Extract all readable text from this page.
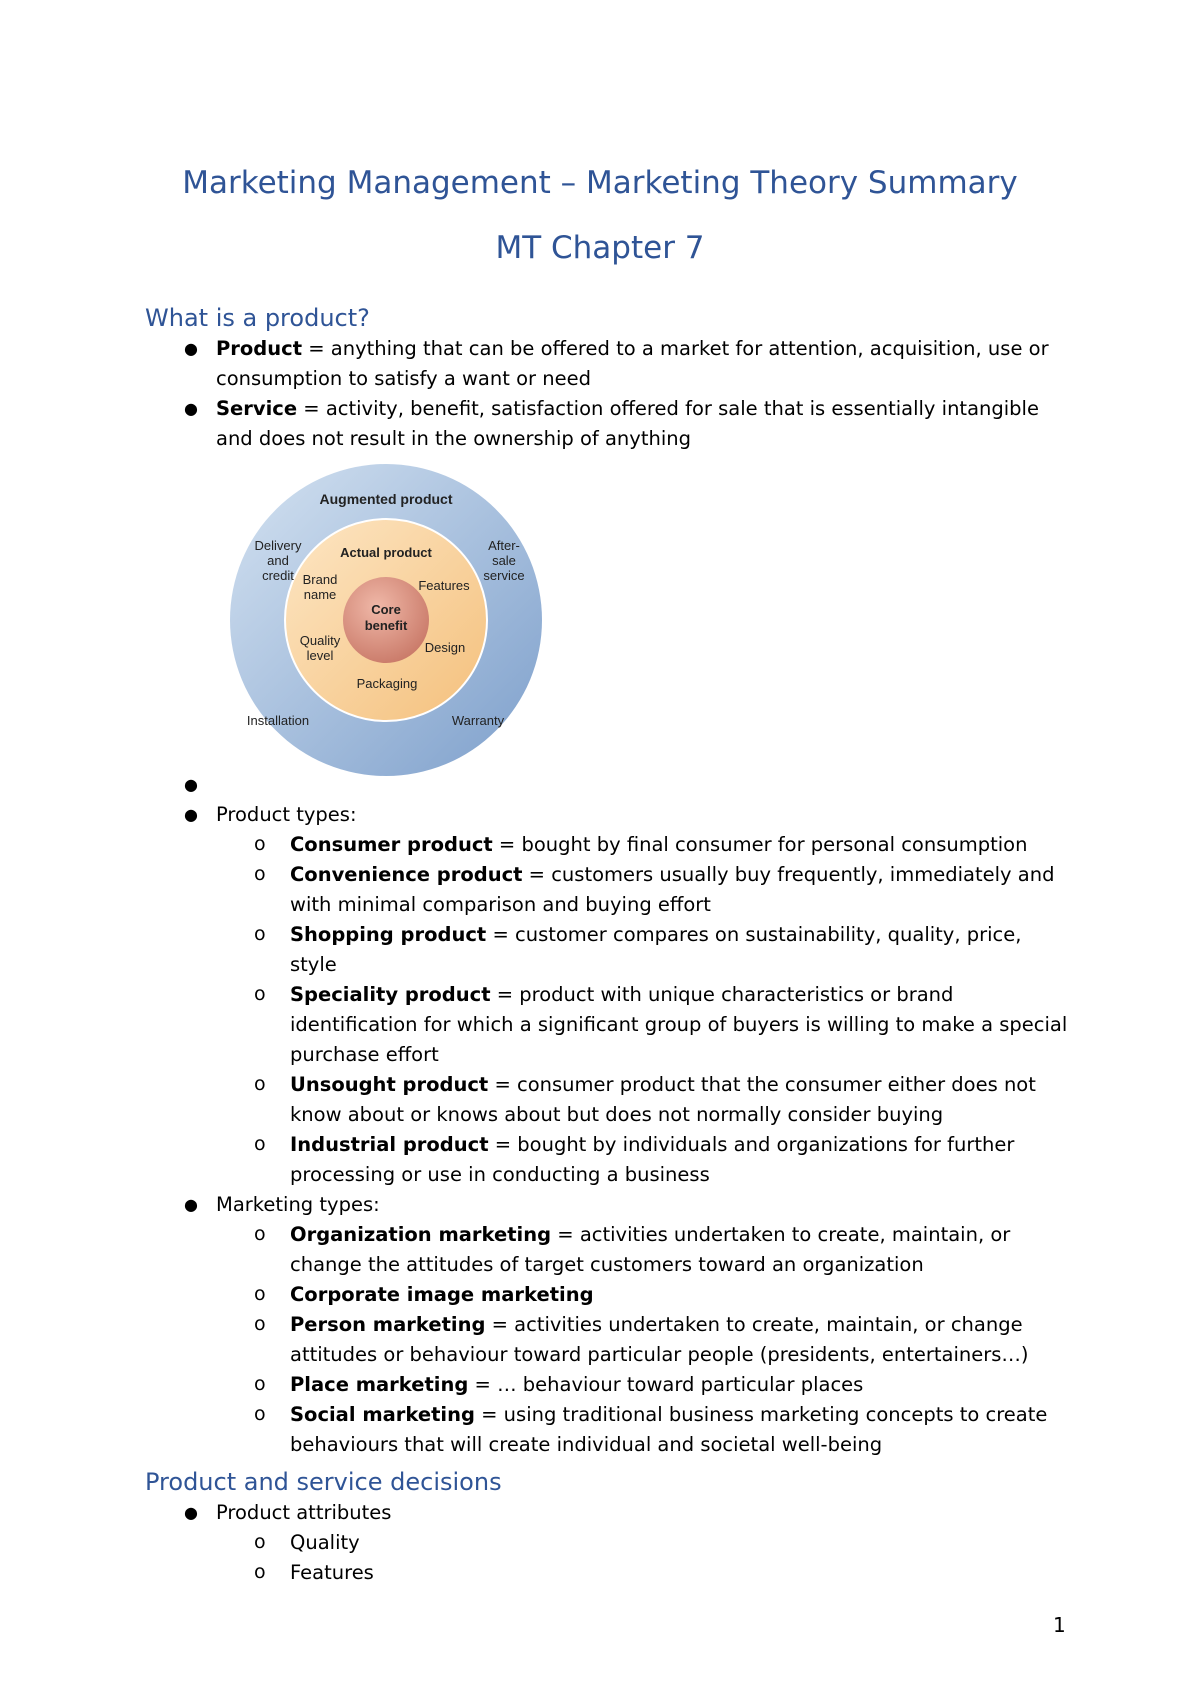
Marketing Management – Marketing Theory Summary
MT Chapter 7
What is a product?
● Product = anything that can be offered to a market for attention, acquisition, use or consumption to satisfy a want or need
● Service = activity, benefit, satisfaction offered for sale that is essentially intangible and does not result in the ownership of anything
Augmented product
Actual product
Core
benefit
Delivery
and
credit
After-
sale
service
Installation	Warranty
Brand
name
Features
Quality
level
Design
Packaging
●

● Product types:
o Consumer product = bought by final consumer for personal consumption
o Convenience product = customers usually buy frequently, immediately and with minimal comparison and buying effort
o Shopping product = customer compares on sustainability, quality, price, style
o Speciality product = product with unique characteristics or brand identification for which a significant group of buyers is willing to make a special purchase effort
o Unsought product = consumer product that the consumer either does not know about or knows about but does not normally consider buying
o Industrial product = bought by individuals and organizations for further processing or use in conducting a business
● Marketing types:
o Organization marketing = activities undertaken to create, maintain, or change the attitudes of target customers toward an organization
o Corporate image marketing
o Person marketing = activities undertaken to create, maintain, or change attitudes or behaviour toward particular people (presidents, entertainers…)
o Place marketing = … behaviour toward particular places
o Social marketing = using traditional business marketing concepts to create behaviours that will create individual and societal well-being
Product and service decisions
● Product attributes
o Quality
o Features
1
